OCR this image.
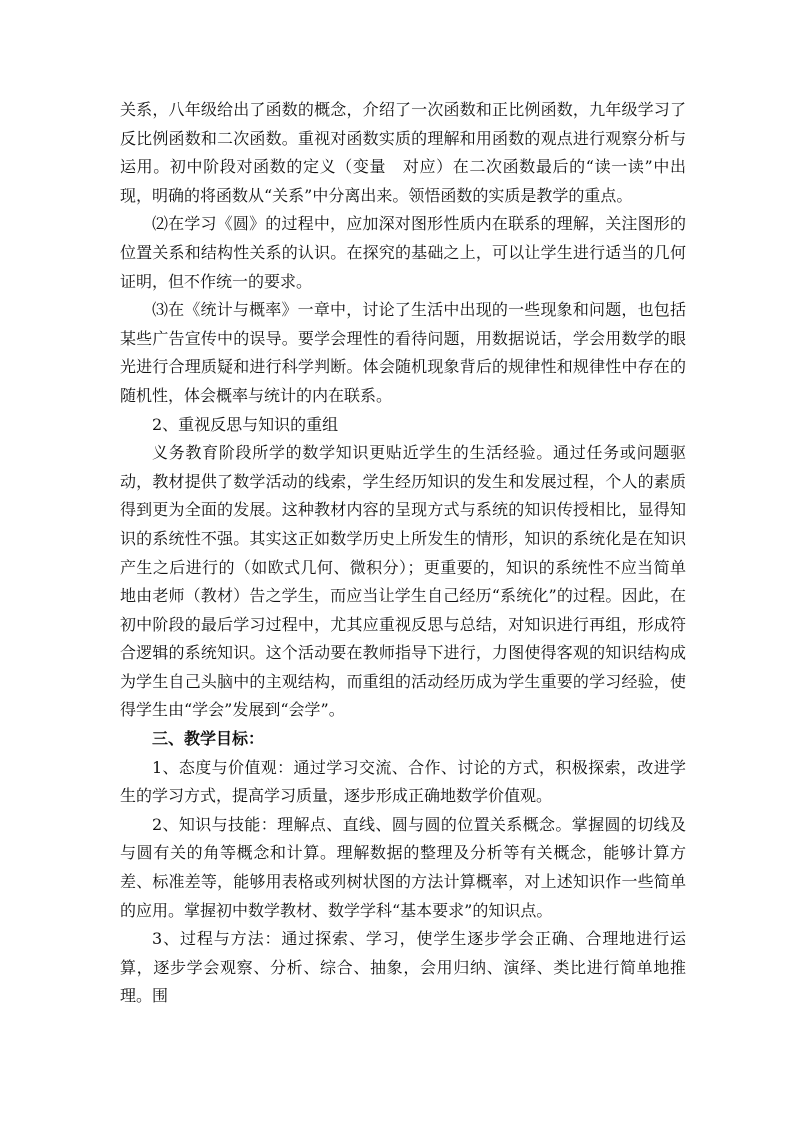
关系，八年级给出了函数的概念，介绍了一次函数和正比例函数，九年级学习了反比例函数和二次函数。重视对函数实质的理解和用函数的观点进行观察分析与运用。初中阶段对函数的定义（变量　对应）在二次函数最后的“读一读”中出现，明确的将函数从“关系”中分离出来。领悟函数的实质是教学的重点。

⑵在学习《圆》的过程中，应加深对图形性质内在联系的理解，关注图形的位置关系和结构性关系的认识。在探究的基础之上，可以让学生进行适当的几何证明，但不作统一的要求。

⑶在《统计与概率》一章中，讨论了生活中出现的一些现象和问题，也包括某些广告宣传中的误导。要学会理性的看待问题，用数据说话，学会用数学的眼光进行合理质疑和进行科学判断。体会随机现象背后的规律性和规律性中存在的随机性，体会概率与统计的内在联系。

2、重视反思与知识的重组

义务教育阶段所学的数学知识更贴近学生的生活经验。通过任务或问题驱动，教材提供了数学活动的线索，学生经历知识的发生和发展过程，个人的素质得到更为全面的发展。这种教材内容的呈现方式与系统的知识传授相比，显得知识的系统性不强。其实这正如数学历史上所发生的情形，知识的系统化是在知识产生之后进行的（如欧式几何、微积分）；更重要的，知识的系统性不应当简单地由老师（教材）告之学生，而应当让学生自己经历“系统化”的过程。因此，在初中阶段的最后学习过程中，尤其应重视反思与总结，对知识进行再组，形成符合逻辑的系统知识。这个活动要在教师指导下进行，力图使得客观的知识结构成为学生自己头脑中的主观结构，而重组的活动经历成为学生重要的学习经验，使得学生由“学会”发展到“会学”。

三、教学目标：

1、态度与价值观：通过学习交流、合作、讨论的方式，积极探索，改进学生的学习方式，提高学习质量，逐步形成正确地数学价值观。

2、知识与技能：理解点、直线、圆与圆的位置关系概念。掌握圆的切线及与圆有关的角等概念和计算。理解数据的整理及分析等有关概念，能够计算方差、标准差等，能够用表格或列树状图的方法计算概率，对上述知识作一些简单的应用。掌握初中数学教材、数学学科“基本要求”的知识点。

3、过程与方法：通过探索、学习，使学生逐步学会正确、合理地进行运算，逐步学会观察、分析、综合、抽象，会用归纳、演绎、类比进行简单地推理。围
